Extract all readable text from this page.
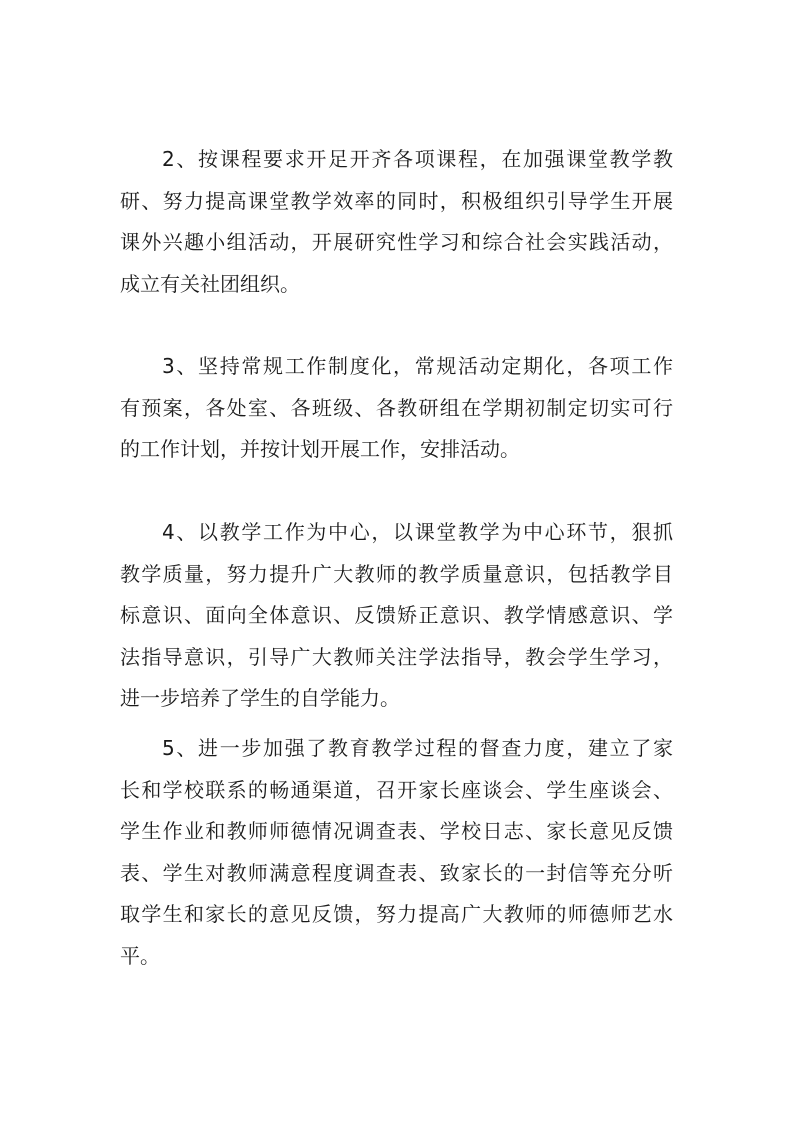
2、按课程要求开足开齐各项课程，在加强课堂教学教
研、努力提高课堂教学效率的同时，积极组织引导学生开展
课外兴趣小组活动，开展研究性学习和综合社会实践活动，
成立有关社团组织。
3、坚持常规工作制度化，常规活动定期化，各项工作
有预案，各处室、各班级、各教研组在学期初制定切实可行
的工作计划，并按计划开展工作，安排活动。
4、以教学工作为中心，以课堂教学为中心环节，狠抓
教学质量，努力提升广大教师的教学质量意识，包括教学目
标意识、面向全体意识、反馈矫正意识、教学情感意识、学
法指导意识，引导广大教师关注学法指导，教会学生学习，
进一步培养了学生的自学能力。
5、进一步加强了教育教学过程的督查力度，建立了家
长和学校联系的畅通渠道，召开家长座谈会、学生座谈会、
学生作业和教师师德情况调查表、学校日志、家长意见反馈
表、学生对教师满意程度调查表、致家长的一封信等充分听
取学生和家长的意见反馈，努力提高广大教师的师德师艺水
平。
